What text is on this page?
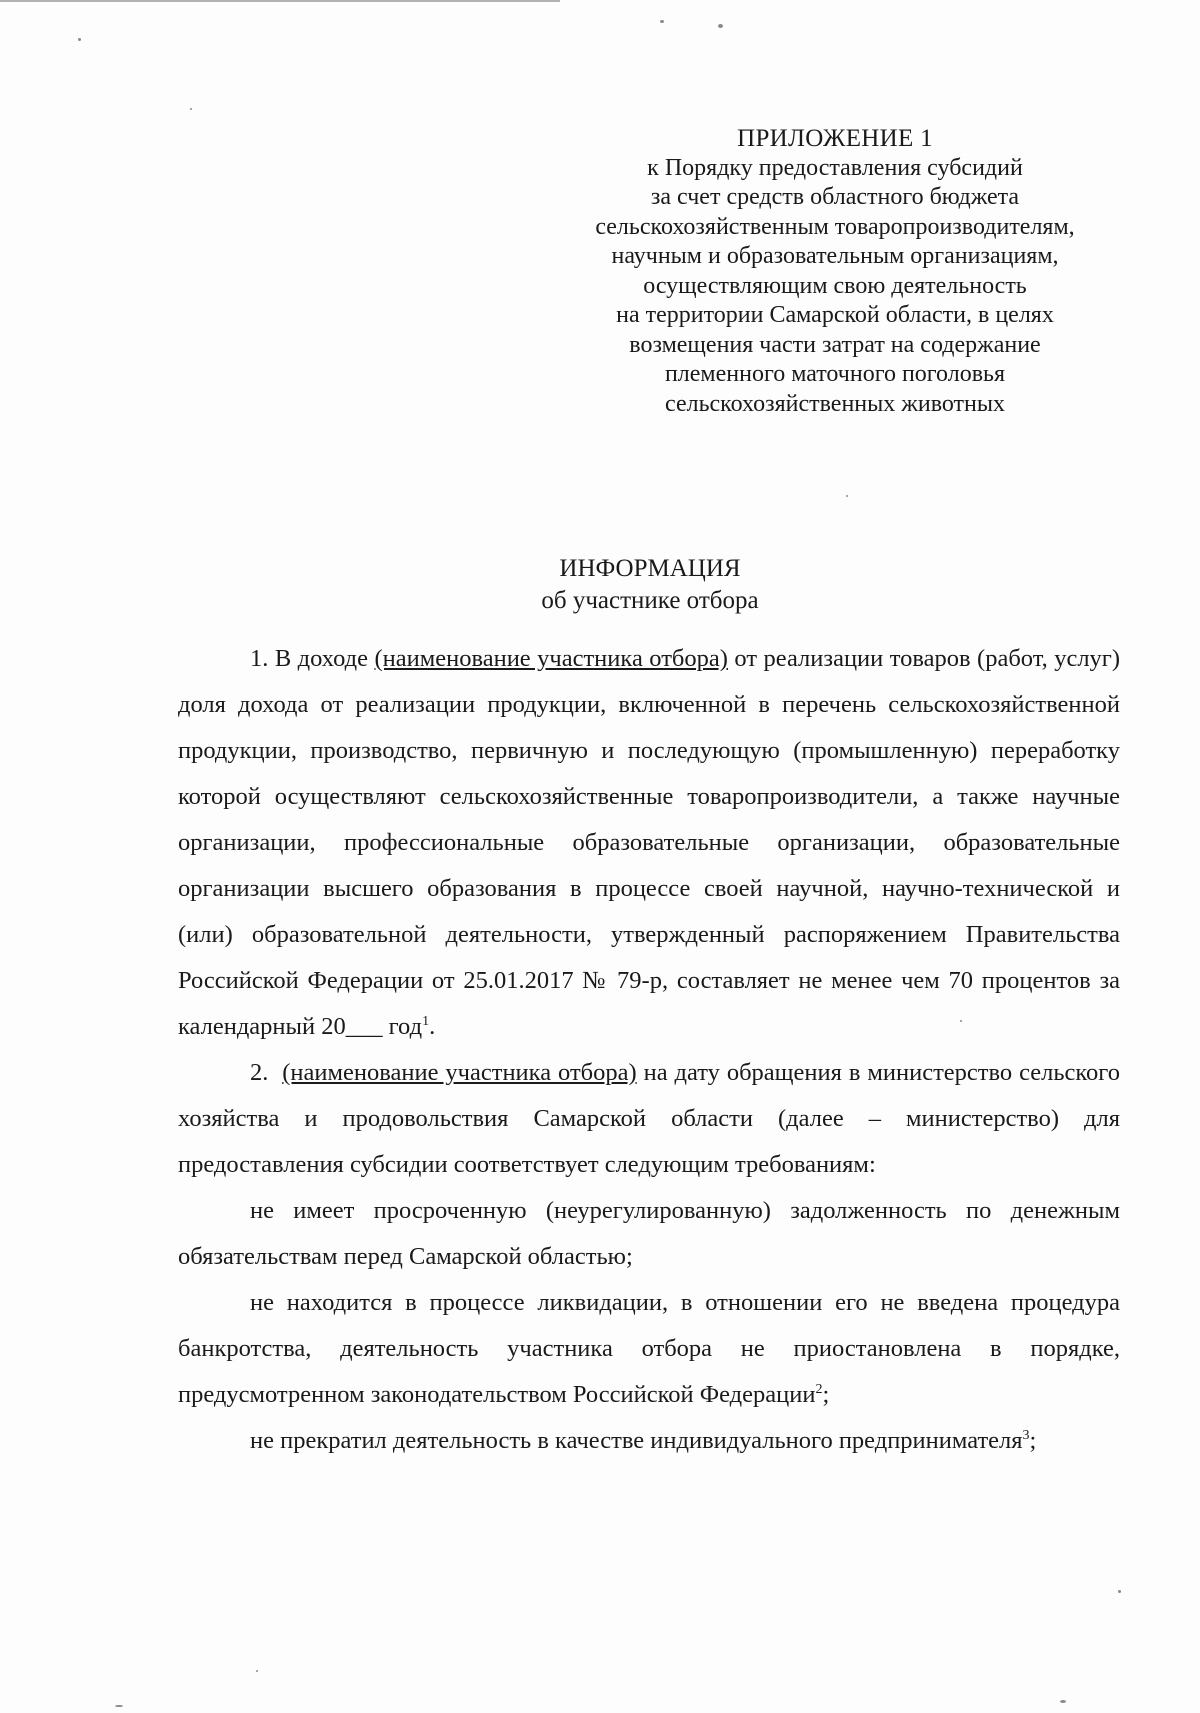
ПРИЛОЖЕНИЕ 1
к Порядку предоставления субсидий
за счет средств областного бюджета
сельскохозяйственным товаропроизводителям,
научным и образовательным организациям,
осуществляющим свою деятельность
на территории Самарской области, в целях
возмещения части затрат на содержание
племенного маточного поголовья
сельскохозяйственных животных
ИНФОРМАЦИЯ
об участнике отбора

1. В доходе (наименование участника отбора) от реализации товаров (работ, услуг) доля дохода от реализации продукции, включенной в перечень сельскохозяйственной продукции, производство, первичную и последующую (промышленную) переработку которой осуществляют сельскохозяйственные товаропроизводители, а также научные организации, профессиональные образовательные организации, образовательные организации высшего образования в процессе своей научной, научно-технической и (или) образовательной деятельности, утвержденный распоряжением Правительства Российской Федерации от 25.01.2017 № 79-р, составляет не менее чем 70 процентов за календарный 20___ год$^1$.

2. (наименование участника отбора) на дату обращения в министерство сельского хозяйства и продовольствия Самарской области (далее – министерство) для предоставления субсидии соответствует следующим требованиям:

не имеет просроченную (неурегулированную) задолженность по денежным обязательствам перед Самарской областью;

не находится в процессе ликвидации, в отношении его не введена процедура банкротства, деятельность участника отбора не приостановлена в порядке, предусмотренном законодательством Российской Федерации$^2$;

не прекратил деятельность в качестве индивидуального предпринимателя$^3$;
